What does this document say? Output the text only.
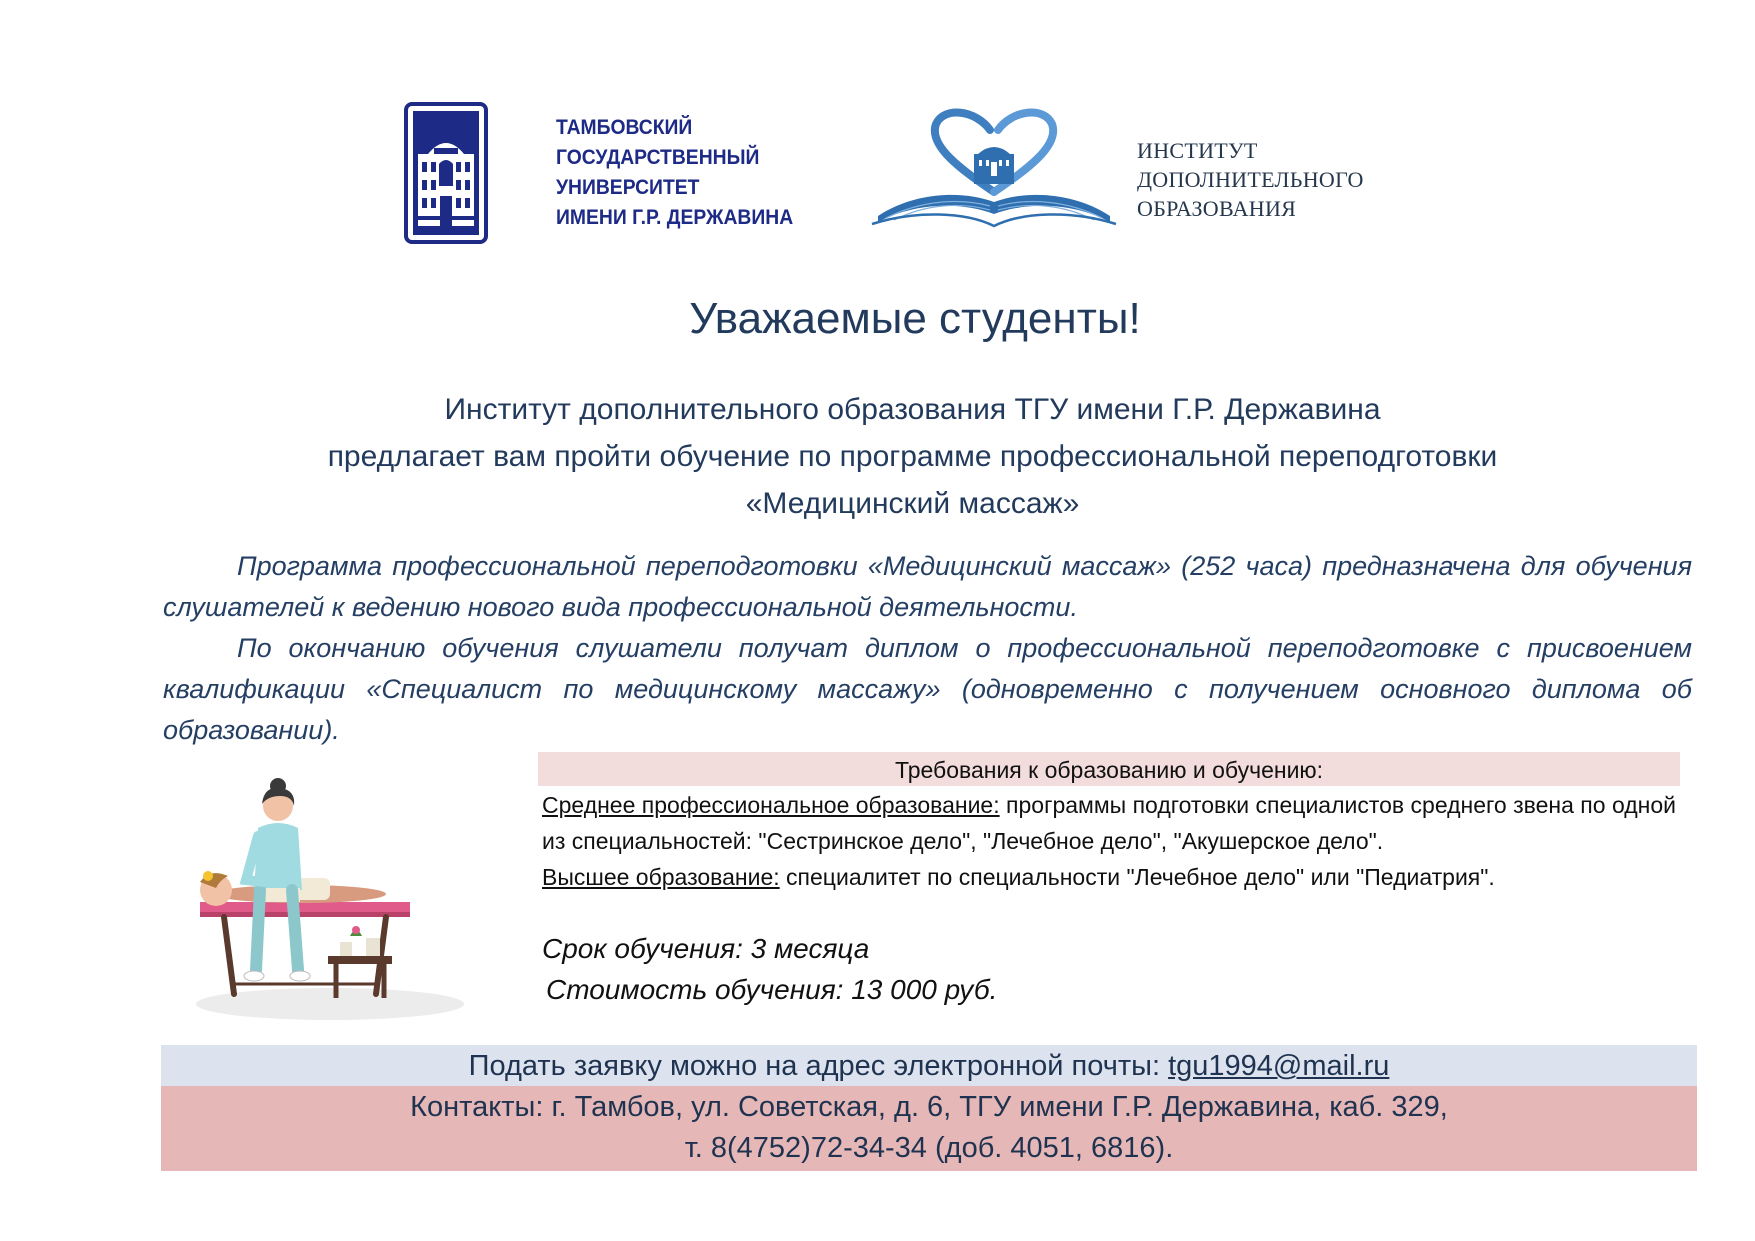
ТАМБОВСКИЙ
ГОСУДАРСТВЕННЫЙ
УНИВЕРСИТЕТ
ИМЕНИ Г.Р. ДЕРЖАВИНА
ИНСТИТУТ
ДОПОЛНИТЕЛЬНОГО
ОБРАЗОВАНИЯ
Уважаемые студенты!
Институт дополнительного образования ТГУ имени Г.Р. Державина
предлагает вам пройти обучение по программе профессиональной переподготовки
«Медицинский массаж»

Программа профессиональной переподготовки «Медицинский массаж» (252 часа) предназначена для обучения слушателей к ведению нового вида профессиональной деятельности.

По окончанию обучения слушатели получат диплом о профессиональной переподготовке с присвоением квалификации «Специалист по медицинскому массажу» (одновременно с получением основного диплома об образовании).

Требования к образованию и обучению:

Среднее профессиональное образование: программы подготовки специалистов среднего звена по одной из специальностей: "Сестринское дело", "Лечебное дело", "Акушерское дело".

Высшее образование: специалитет по специальности "Лечебное дело" или "Педиатрия".

Срок обучения: 3 месяца
Стоимость обучения: 13 000 руб.
Подать заявку можно на адрес электронной почты: tgu1994@mail.ru
Контакты: г. Тамбов, ул. Советская, д. 6, ТГУ имени Г.Р. Державина, каб. 329,
т. 8(4752)72-34-34 (доб. 4051, 6816).
